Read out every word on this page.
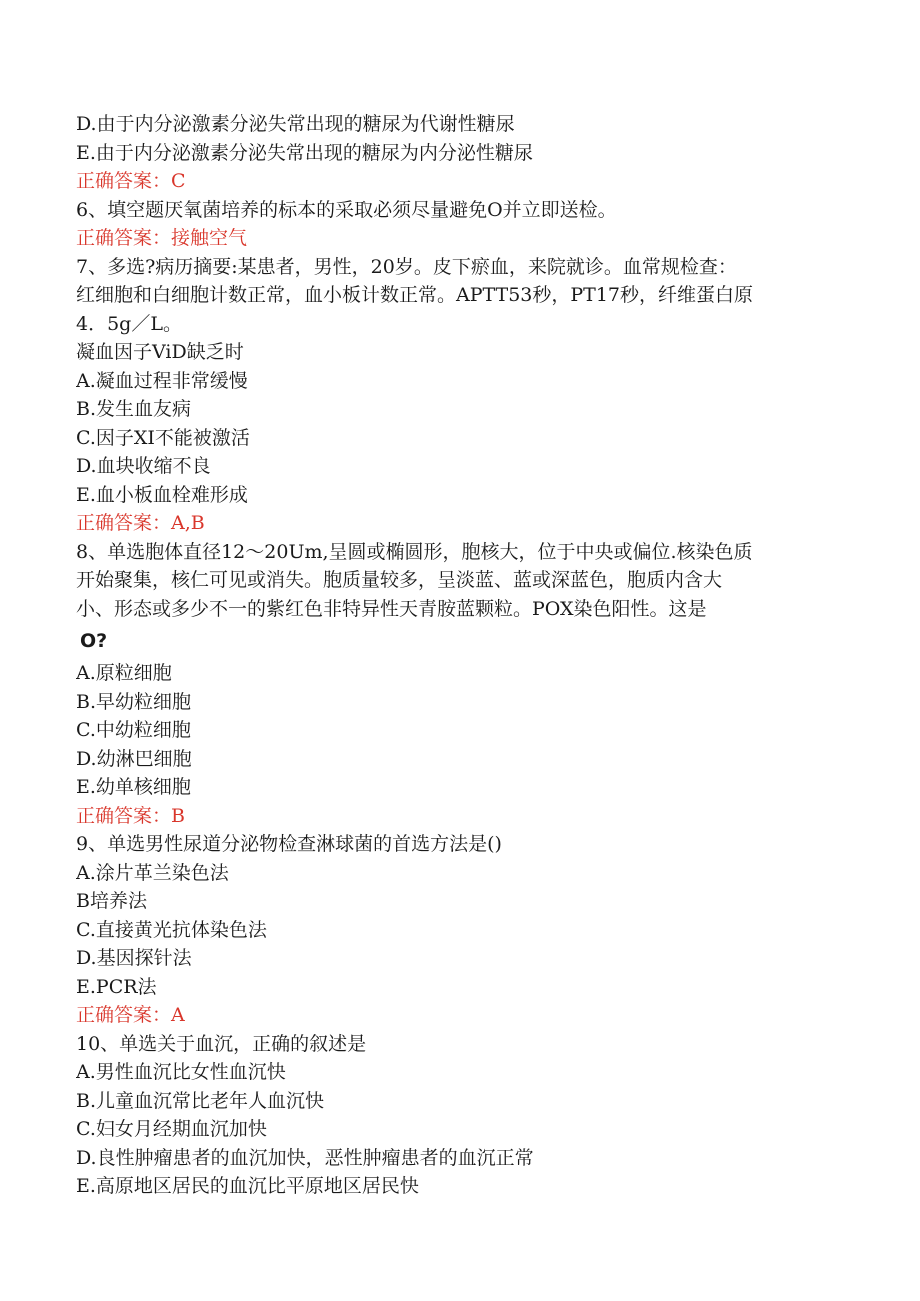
D.由于内分泌激素分泌失常出现的糖尿为代谢性糖尿
E.由于内分泌激素分泌失常出现的糖尿为内分泌性糖尿
正确答案：C
6、填空题厌氧菌培养的标本的采取必须尽量避免O并立即送检。
正确答案：接触空气
7、多选?病历摘要:某患者，男性，20岁。皮下瘀血，来院就诊。血常规检查：
红细胞和白细胞计数正常，血小板计数正常。APTT53秒，PT17秒，纤维蛋白原
4．5g／L。
凝血因子ViD缺乏时
A.凝血过程非常缓慢
B.发生血友病
C.因子XI不能被激活
D.血块收缩不良
E.血小板血栓难形成
正确答案：A,B
8、单选胞体直径12～20Um,呈圆或椭圆形，胞核大，位于中央或偏位.核染色质
开始聚集，核仁可见或消失。胞质量较多，呈淡蓝、蓝或深蓝色，胞质内含大
小、形态或多少不一的紫红色非特异性天青胺蓝颗粒。POX染色阳性。这是
O?
A.原粒细胞
B.早幼粒细胞
C.中幼粒细胞
D.幼淋巴细胞
E.幼单核细胞
正确答案：B
9、单选男性尿道分泌物检查淋球菌的首选方法是()
A.涂片革兰染色法
B培养法
C.直接黄光抗体染色法
D.基因探针法
E.PCR法
正确答案：A
10、单选关于血沉，正确的叙述是
A.男性血沉比女性血沉快
B.儿童血沉常比老年人血沉快
C.妇女月经期血沉加快
D.良性肿瘤患者的血沉加快，恶性肿瘤患者的血沉正常
E.高原地区居民的血沉比平原地区居民快
